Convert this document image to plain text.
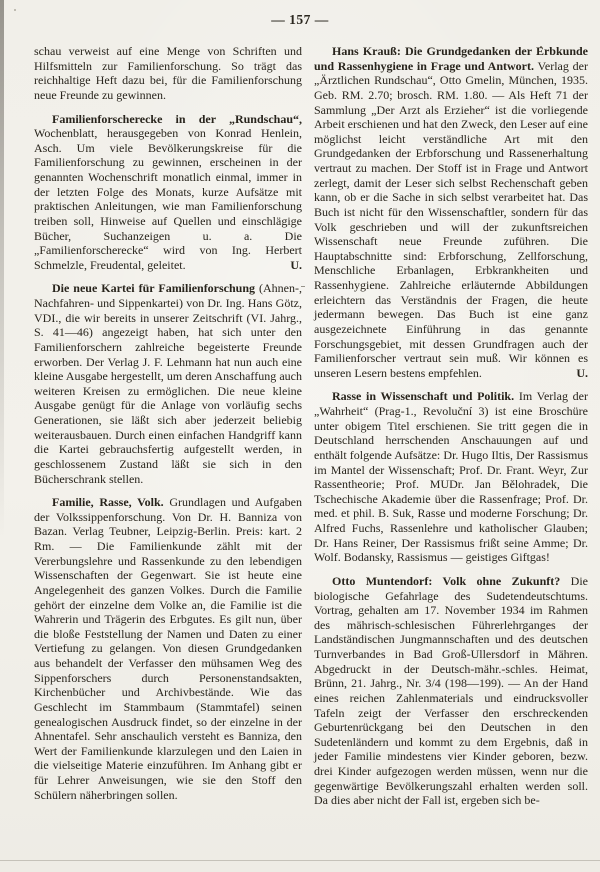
— 157 —

schau verweist auf eine Menge von Schriften und Hilfsmitteln zur Familienforschung. So trägt das reichhaltige Heft dazu bei, für die Familienforschung neue Freunde zu gewinnen.

Familienforscherecke in der „Rundschau“, Wochenblatt, herausgegeben von Konrad Henlein, Asch. Um viele Bevölkerungskreise für die Familienforschung zu gewinnen, erscheinen in der genannten Wochenschrift monatlich einmal, immer in der letzten Folge des Monats, kurze Aufsätze mit praktischen Anleitungen, wie man Familienforschung treiben soll, Hinweise auf Quellen und einschlägige Bücher, Suchanzeigen u. a. Die „Familienforscherecke“ wird von Ing. Herbert Schmelzle, Freudental, geleitet.	U.

Die neue Kartei für Familienforschung (Ahnen-, Nachfahren- und Sippenkartei) von Dr. Ing. Hans Götz, VDI., die wir bereits in unserer Zeitschrift (VI. Jahrg., S. 41—46) angezeigt haben, hat sich unter den Familienforschern zahlreiche begeisterte Freunde erworben. Der Verlag J. F. Lehmann hat nun auch eine kleine Ausgabe hergestellt, um deren Anschaffung auch weiteren Kreisen zu ermöglichen. Die neue kleine Ausgabe genügt für die Anlage von vorläufig sechs Generationen, sie läßt sich aber jederzeit beliebig weiterausbauen. Durch einen einfachen Handgriff kann die Kartei gebrauchsfertig aufgestellt werden, in geschlossenem Zustand läßt sie sich in den Bücherschrank stellen.

Familie, Rasse, Volk. Grundlagen und Aufgaben der Volkssippenforschung. Von Dr. H. Banniza von Bazan. Verlag Teubner, Leipzig-Berlin. Preis: kart. 2 Rm. — Die Familienkunde zählt mit der Vererbungslehre und Rassenkunde zu den lebendigen Wissenschaften der Gegenwart. Sie ist heute eine Angelegenheit des ganzen Volkes. Durch die Familie gehört der einzelne dem Volke an, die Familie ist die Wahrerin und Trägerin des Erbgutes. Es gilt nun, über die bloße Feststellung der Namen und Daten zu einer Vertiefung zu gelangen. Von diesen Grundgedanken aus behandelt der Verfasser den mühsamen Weg des Sippenforschers durch Personenstandsakten, Kirchenbücher und Archivbestände. Wie das Geschlecht im Stammbaum (Stammtafel) seinen genealogischen Ausdruck findet, so der einzelne in der Ahnentafel. Sehr anschaulich versteht es Banniza, den Wert der Familienkunde klarzulegen und den Laien in die vielseitige Materie einzuführen. Im Anhang gibt er für Lehrer Anweisungen, wie sie den Stoff den Schülern näherbringen sollen.

Hans Krauß: Die Grundgedanken der Erbkunde und Rassenhygiene in Frage und Antwort. Verlag der „Ärztlichen Rundschau“, Otto Gmelin, München, 1935. Geb. RM. 2.70; brosch. RM. 1.80. — Als Heft 71 der Sammlung „Der Arzt als Erzieher“ ist die vorliegende Arbeit erschienen und hat den Zweck, den Leser auf eine möglichst leicht verständliche Art mit den Grundgedanken der Erbforschung und Rassenerhaltung vertraut zu machen. Der Stoff ist in Frage und Antwort zerlegt, damit der Leser sich selbst Rechenschaft geben kann, ob er die Sache in sich selbst verarbeitet hat. Das Buch ist nicht für den Wissenschaftler, sondern für das Volk geschrieben und will der zukunftsreichen Wissenschaft neue Freunde zuführen. Die Hauptabschnitte sind: Erbforschung, Zellforschung, Menschliche Erbanlagen, Erbkrankheiten und Rassenhygiene. Zahlreiche erläuternde Abbildungen erleichtern das Verständnis der Fragen, die heute jedermann bewegen. Das Buch ist eine ganz ausgezeichnete Einführung in das genannte Forschungsgebiet, mit dessen Grundfragen auch der Familienforscher vertraut sein muß. Wir können es unseren Lesern bestens empfehlen.	U.

Rasse in Wissenschaft und Politik. Im Verlag der „Wahrheit“ (Prag-1., Revoluční 3) ist eine Broschüre unter obigem Titel erschienen. Sie tritt gegen die in Deutschland herrschenden Anschauungen auf und enthält folgende Aufsätze: Dr. Hugo Iltis, Der Rassismus im Mantel der Wissenschaft; Prof. Dr. Frant. Weyr, Zur Rassentheorie; Prof. MUDr. Jan Bělohradek, Die Tschechische Akademie über die Rassenfrage; Prof. Dr. med. et phil. B. Suk, Rasse und moderne Forschung; Dr. Alfred Fuchs, Rassenlehre und katholischer Glauben; Dr. Hans Reiner, Der Rassismus frißt seine Amme; Dr. Wolf. Bodansky, Rassismus — geistiges Giftgas!

Otto Muntendorf: Volk ohne Zukunft? Die biologische Gefahrlage des Sudetendeutschtums. Vortrag, gehalten am 17. November 1934 im Rahmen des mährisch-schlesischen Führerlehrganges der Landständischen Jungmannschaften und des deutschen Turnverbandes in Bad Groß-Ullersdorf in Mähren. Abgedruckt in der Deutsch-mähr.-schles. Heimat, Brünn, 21. Jahrg., Nr. 3/4 (198—199). — An der Hand eines reichen Zahlenmaterials und eindrucksvoller Tafeln zeigt der Verfasser den erschreckenden Geburtenrückgang bei den Deutschen in den Sudetenländern und kommt zu dem Ergebnis, daß in jeder Familie mindestens vier Kinder geboren, bezw. drei Kinder aufgezogen werden müssen, wenn nur die gegenwärtige Bevölkerungszahl erhalten werden soll. Da dies aber nicht der Fall ist, ergeben sich be-
